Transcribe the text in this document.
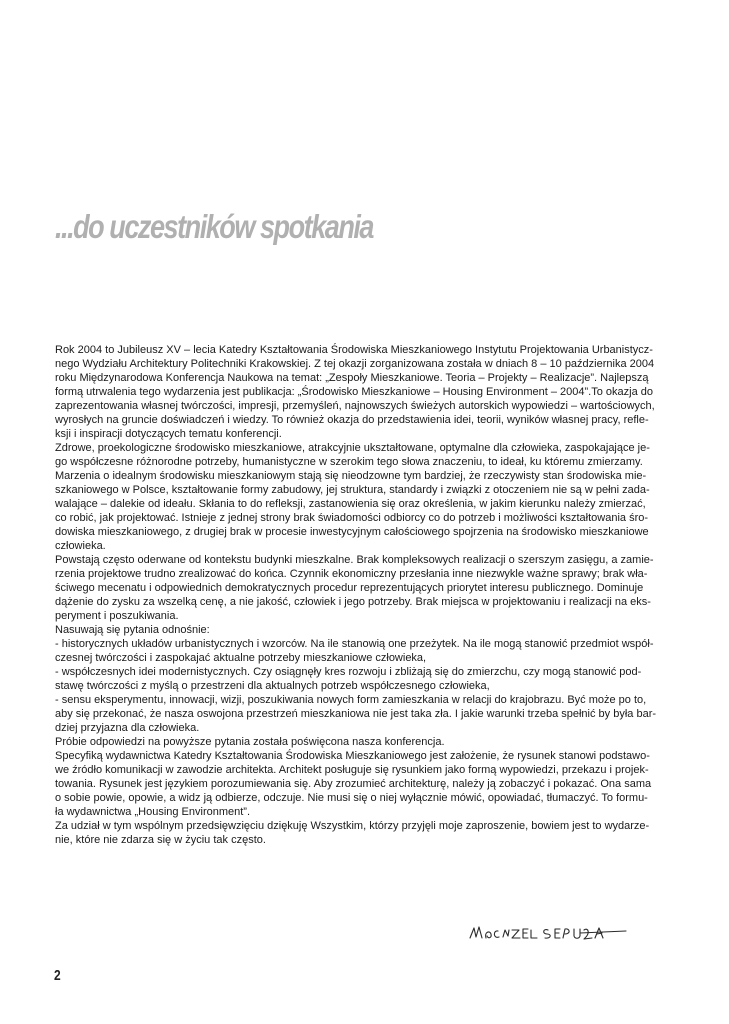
...do uczestników spotkania
Rok 2004 to Jubileusz XV – lecia Katedry Kształtowania Środowiska Mieszkaniowego Instytutu Projektowania Urbanistycz-
nego Wydziału Architektury Politechniki Krakowskiej. Z tej okazji zorganizowana została w dniach 8 – 10 października 2004
roku Międzynarodowa Konferencja Naukowa na temat: „Zespoły Mieszkaniowe. Teoria – Projekty – Realizacje”. Najlepszą
formą utrwalenia tego wydarzenia jest publikacja: „Środowisko Mieszkaniowe – Housing Environment – 2004”.To okazja do
zaprezentowania własnej twórczości, impresji, przemyśleń, najnowszych świeżych autorskich wypowiedzi – wartościowych,
wyrosłych na gruncie doświadczeń i wiedzy. To również okazja do przedstawienia idei, teorii, wyników własnej pracy, refle-
ksji i inspiracji dotyczących tematu konferencji.
Zdrowe, proekologiczne środowisko mieszkaniowe, atrakcyjnie ukształtowane, optymalne dla człowieka, zaspokajające je-
go współczesne różnorodne potrzeby, humanistyczne w szerokim tego słowa znaczeniu, to ideał, ku któremu zmierzamy.
Marzenia o idealnym środowisku mieszkaniowym stają się nieodzowne tym bardziej, że rzeczywisty stan środowiska mie-
szkaniowego w Polsce, kształtowanie formy zabudowy, jej struktura, standardy i związki z otoczeniem nie są w pełni zada-
walające – dalekie od ideału. Skłania to do refleksji, zastanowienia się oraz określenia, w jakim kierunku należy zmierzać,
co robić, jak projektować. Istnieje z jednej strony brak świadomości odbiorcy co do potrzeb i możliwości kształtowania śro-
dowiska mieszkaniowego, z drugiej brak w procesie inwestycyjnym całościowego spojrzenia na środowisko mieszkaniowe
człowieka.
Powstają często oderwane od kontekstu budynki mieszkalne. Brak kompleksowych realizacji o szerszym zasięgu, a zamie-
rzenia projektowe trudno zrealizować do końca. Czynnik ekonomiczny przesłania inne niezwykle ważne sprawy; brak wła-
ściwego mecenatu i odpowiednich demokratycznych procedur reprezentujących priorytet interesu publicznego. Dominuje
dążenie do zysku za wszelką cenę, a nie jakość, człowiek i jego potrzeby. Brak miejsca w projektowaniu i realizacji na eks-
peryment i poszukiwania.
Nasuwają się pytania odnośnie:
- historycznych układów urbanistycznych i wzorców. Na ile stanowią one przeżytek. Na ile mogą stanowić przedmiot współ-
czesnej twórczości i zaspokajać aktualne potrzeby mieszkaniowe człowieka,
- współczesnych idei modernistycznych. Czy osiągnęły kres rozwoju i zbliżają się do zmierzchu, czy mogą stanowić pod-
stawę twórczości z myślą o przestrzeni dla aktualnych potrzeb współczesnego człowieka,
- sensu eksperymentu, innowacji, wizji, poszukiwania nowych form zamieszkania w relacji do krajobrazu. Być może po to,
aby się przekonać, że nasza oswojona przestrzeń mieszkaniowa nie jest taka zła. I jakie warunki trzeba spełnić by była bar-
dziej przyjazna dla człowieka.
Próbie odpowiedzi na powyższe pytania została poświęcona nasza konferencja.
Specyfiką wydawnictwa Katedry Kształtowania Środowiska Mieszkaniowego jest założenie, że rysunek stanowi podstawo-
we źródło komunikacji w zawodzie architekta. Architekt posługuje się rysunkiem jako formą wypowiedzi, przekazu i projek-
towania. Rysunek jest językiem porozumiewania się. Aby zrozumieć architekturę, należy ją zobaczyć i pokazać. Ona sama
o sobie powie, opowie, a widz ją odbierze, odczuje. Nie musi się o niej wyłącznie mówić, opowiadać, tłumaczyć. To formu-
ła wydawnictwa „Housing Environment”.
Za udział w tym wspólnym przedsięwzięciu dziękuję Wszystkim, którzy przyjęli moje zaproszenie, bowiem jest to wydarze-
nie, które nie zdarza się w życiu tak często.
2
